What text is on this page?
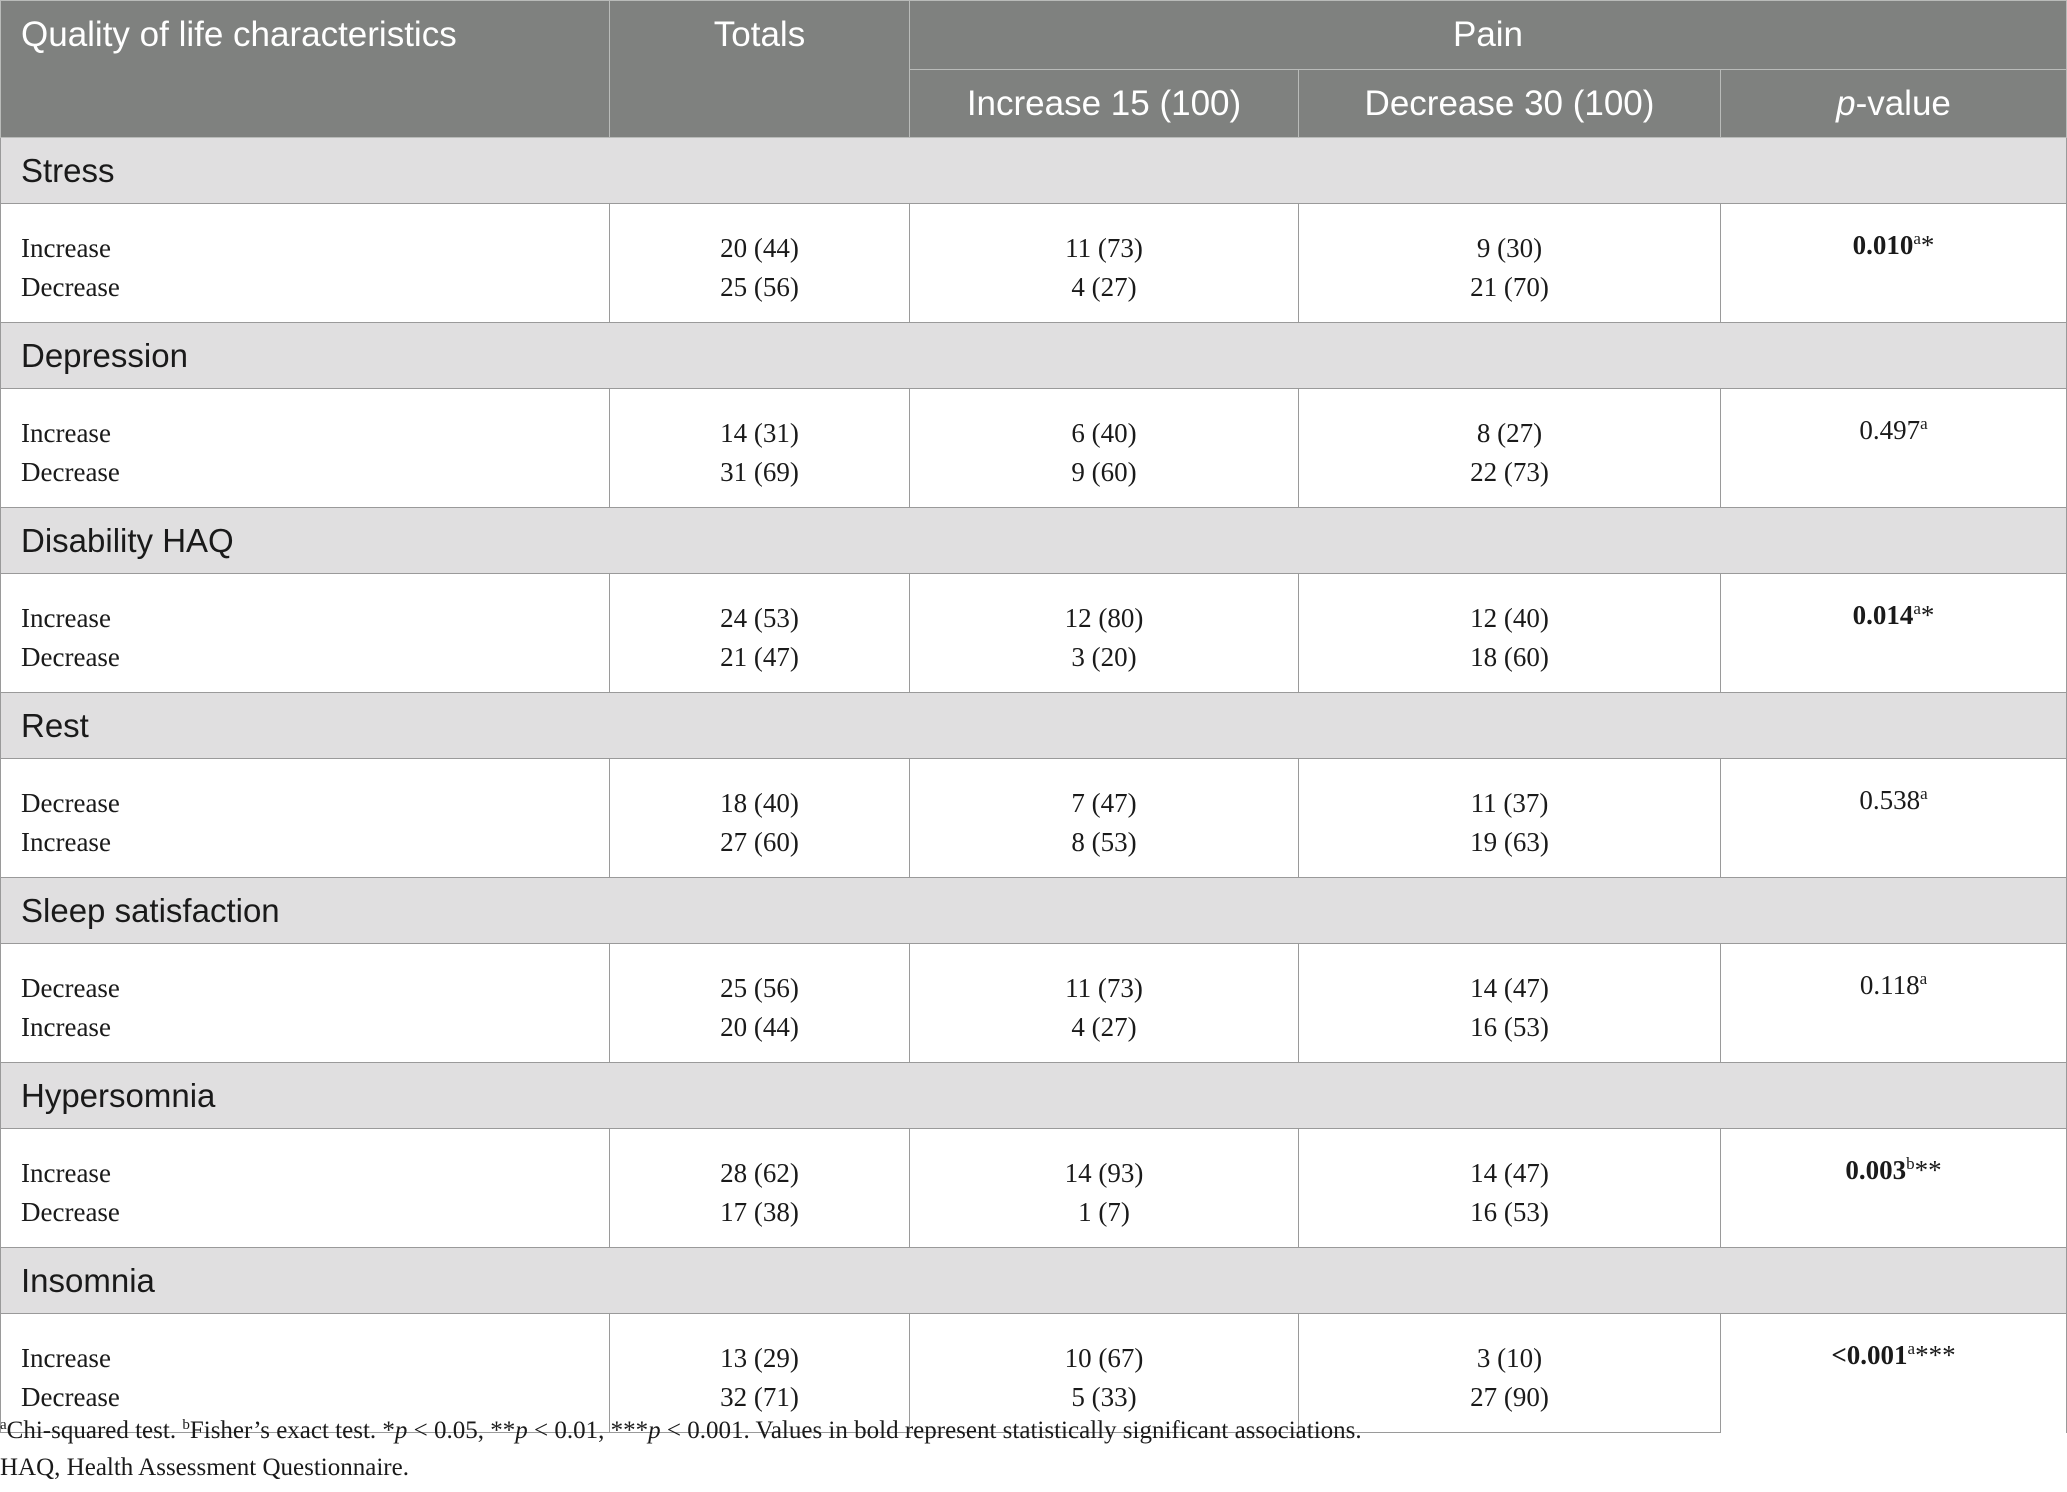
Quality of life characteristics	Totals	Pain		
		Increase 15 (100)	Decrease 30 (100)	p-value
Stress				
Increase	20 (44)	11 (73)	9 (30)	0.010$^a$*
Decrease	25 (56)	4 (27)	21 (70)	
Depression				
Increase	14 (31)	6 (40)	8 (27)	0.497$^a$
Decrease	31 (69)	9 (60)	22 (73)	
Disability HAQ				
Increase	24 (53)	12 (80)	12 (40)	0.014$^a$*
Decrease	21 (47)	3 (20)	18 (60)	
Rest				
Decrease	18 (40)	7 (47)	11 (37)	0.538$^a$
Increase	27 (60)	8 (53)	19 (63)	
Sleep satisfaction				
Decrease	25 (56)	11 (73)	14 (47)	0.118$^a$
Increase	20 (44)	4 (27)	16 (53)	
Hypersomnia				
Increase	28 (62)	14 (93)	14 (47)	0.003$^b$**
Decrease	17 (38)	1 (7)	16 (53)	
Insomnia				
Increase	13 (29)	10 (67)	3 (10)	<0.001$^a$***
Decrease	32 (71)	5 (33)	27 (90)	
$^a$Chi-squared test. $^b$Fisher’s exact test. *p < 0.05, **p < 0.01, ***p < 0.001. Values in bold represent statistically significant associations.
HAQ, Health Assessment Questionnaire.
